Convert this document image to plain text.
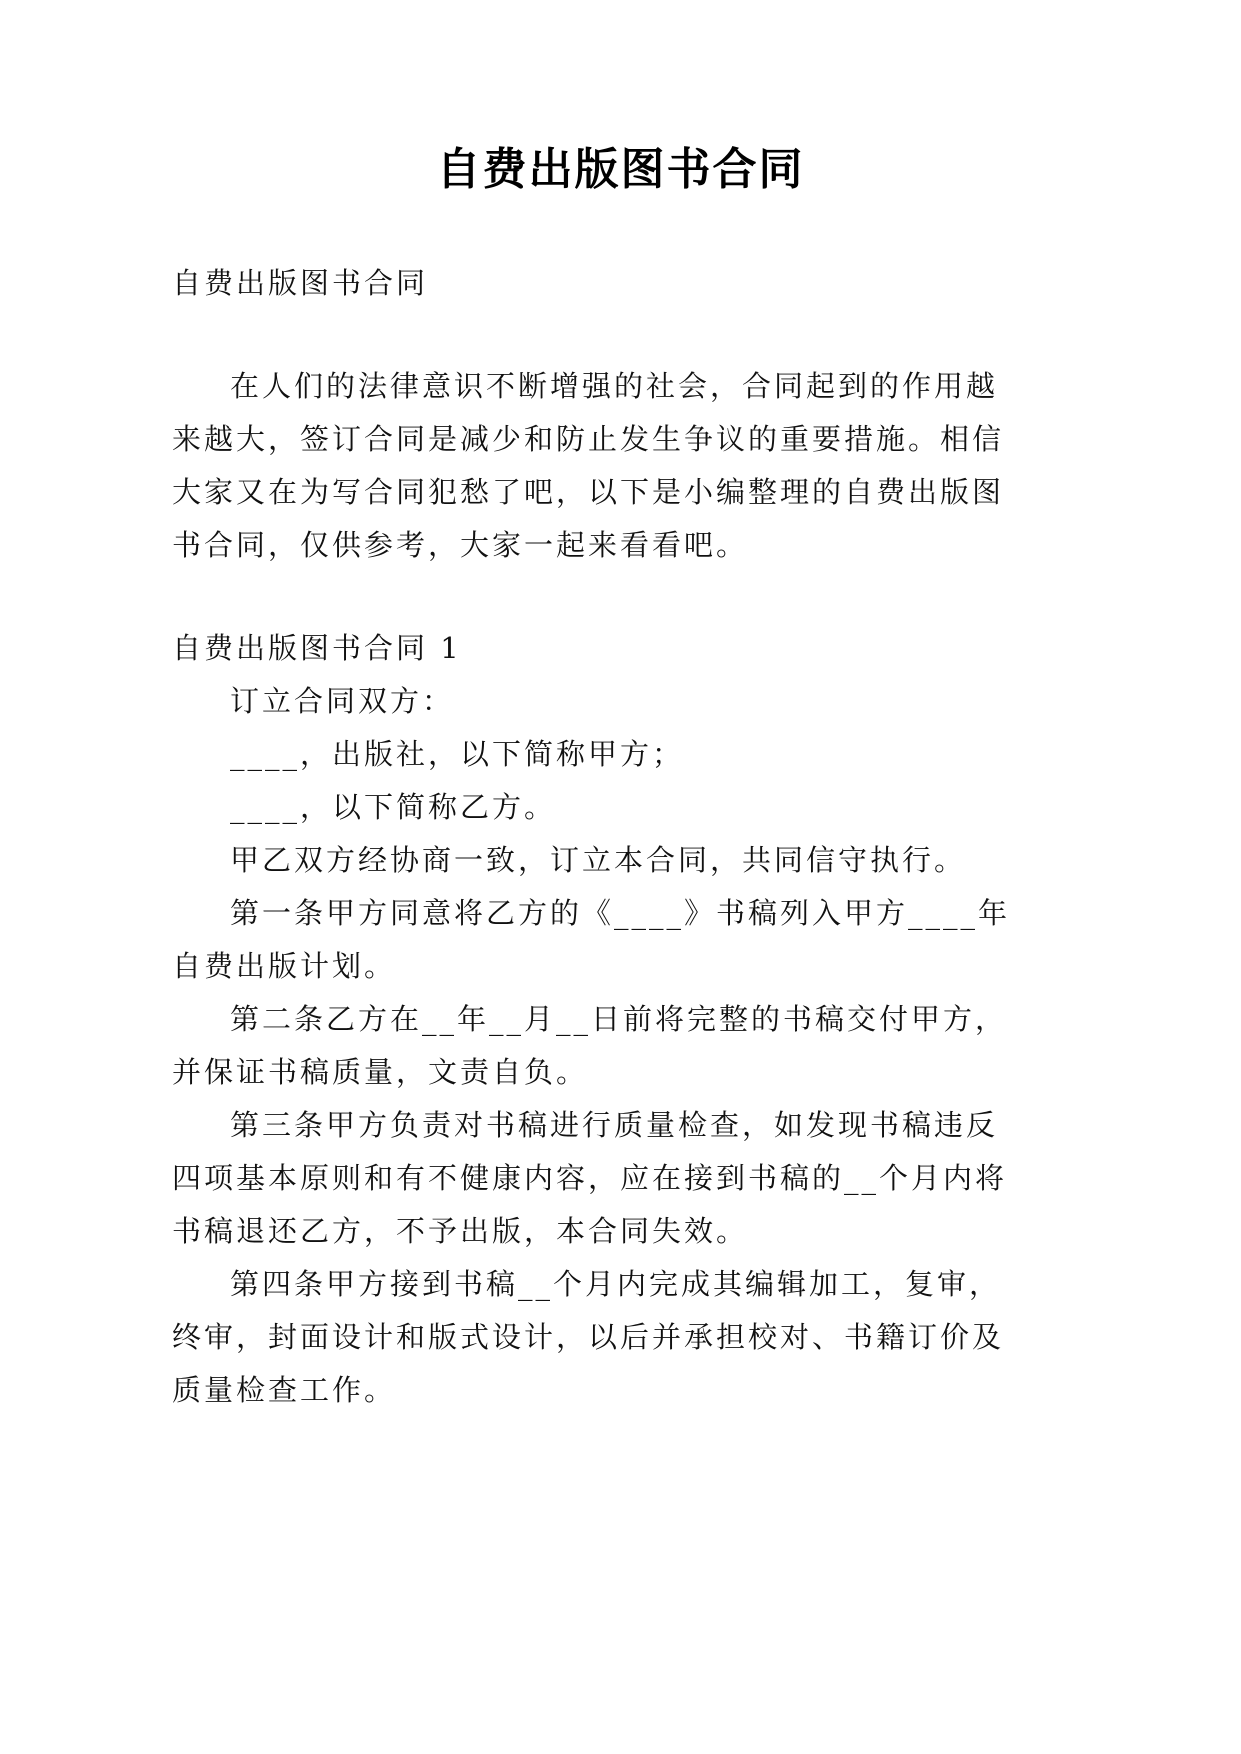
自费出版图书合同
自费出版图书合同
在人们的法律意识不断增强的社会，合同起到的作用越
来越大，签订合同是减少和防止发生争议的重要措施。相信
大家又在为写合同犯愁了吧，以下是小编整理的自费出版图
书合同，仅供参考，大家一起来看看吧。
自费出版图书合同 1
订立合同双方：
____，出版社，以下简称甲方；
____，以下简称乙方。
甲乙双方经协商一致，订立本合同，共同信守执行。
第一条甲方同意将乙方的《____》书稿列入甲方____年
自费出版计划。
第二条乙方在__年__月__日前将完整的书稿交付甲方，
并保证书稿质量，文责自负。
第三条甲方负责对书稿进行质量检查，如发现书稿违反
四项基本原则和有不健康内容，应在接到书稿的__个月内将
书稿退还乙方，不予出版，本合同失效。
第四条甲方接到书稿__个月内完成其编辑加工，复审，
终审，封面设计和版式设计，以后并承担校对、书籍订价及
质量检查工作。
